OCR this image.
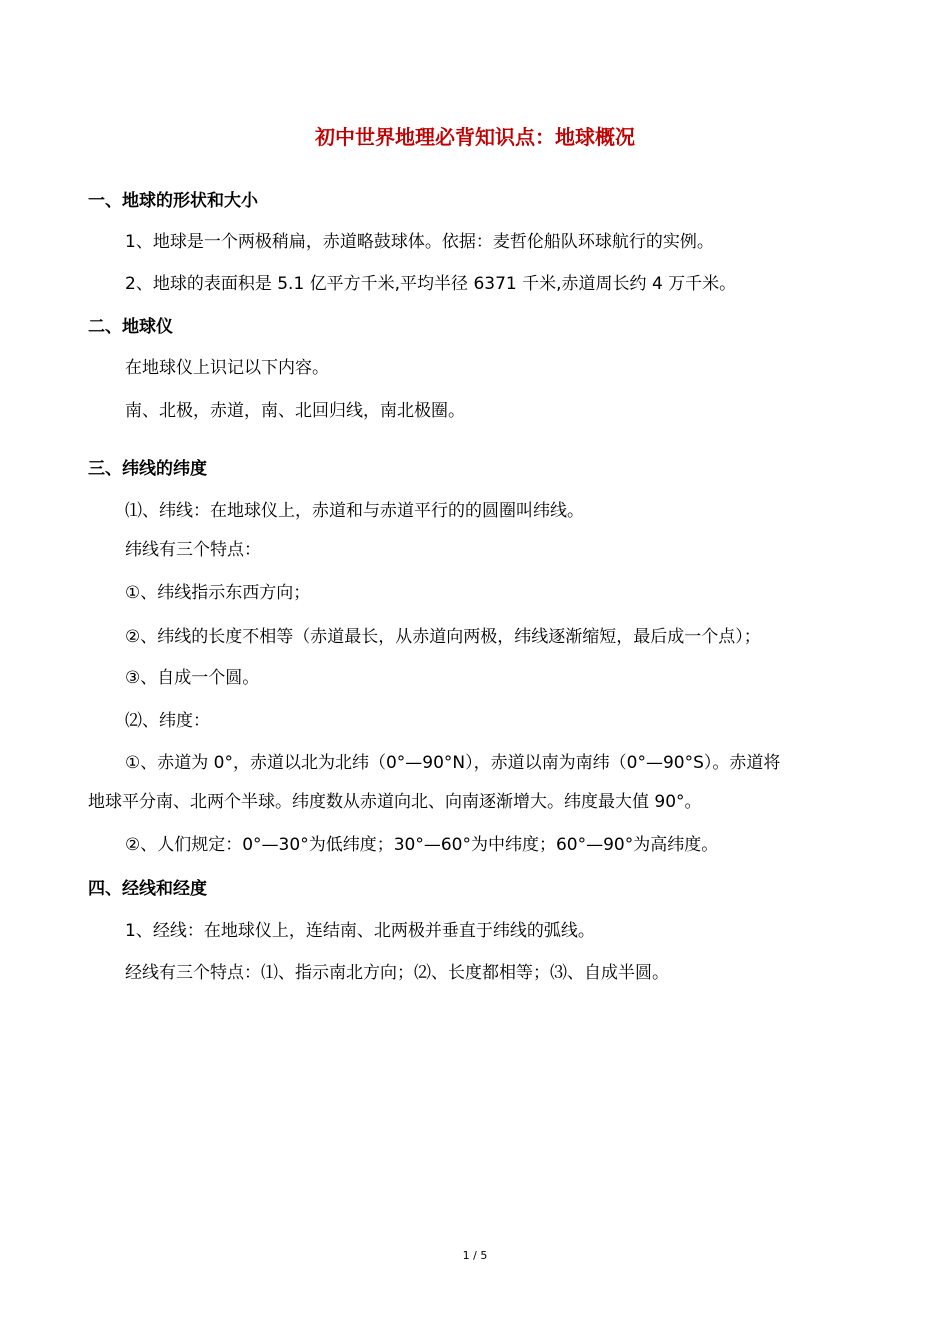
初中世界地理必背知识点：地球概况
一、地球的形状和大小
1、地球是一个两极稍扁，赤道略鼓球体。依据：麦哲伦船队环球航行的实例。
2、地球的表面积是 5.1 亿平方千米,平均半径 6371 千米,赤道周长约 4 万千米。
二、地球仪
在地球仪上识记以下内容。
南、北极，赤道，南、北回归线，南北极圈。
三、纬线的纬度
⑴、纬线：在地球仪上，赤道和与赤道平行的的圆圈叫纬线。
纬线有三个特点：
①、纬线指示东西方向；
②、纬线的长度不相等（赤道最长，从赤道向两极，纬线逐渐缩短，最后成一个点）；
③、自成一个圆。
⑵、纬度：
①、赤道为 0°，赤道以北为北纬（0°—90°N），赤道以南为南纬（0°—90°S）。赤道将
地球平分南、北两个半球。纬度数从赤道向北、向南逐渐增大。纬度最大值 90°。
②、人们规定：0°—30°为低纬度；30°—60°为中纬度；60°—90°为高纬度。
四、经线和经度
1、经线：在地球仪上，连结南、北两极并垂直于纬线的弧线。
经线有三个特点：⑴、指示南北方向；⑵、长度都相等；⑶、自成半圆。
1 / 5
